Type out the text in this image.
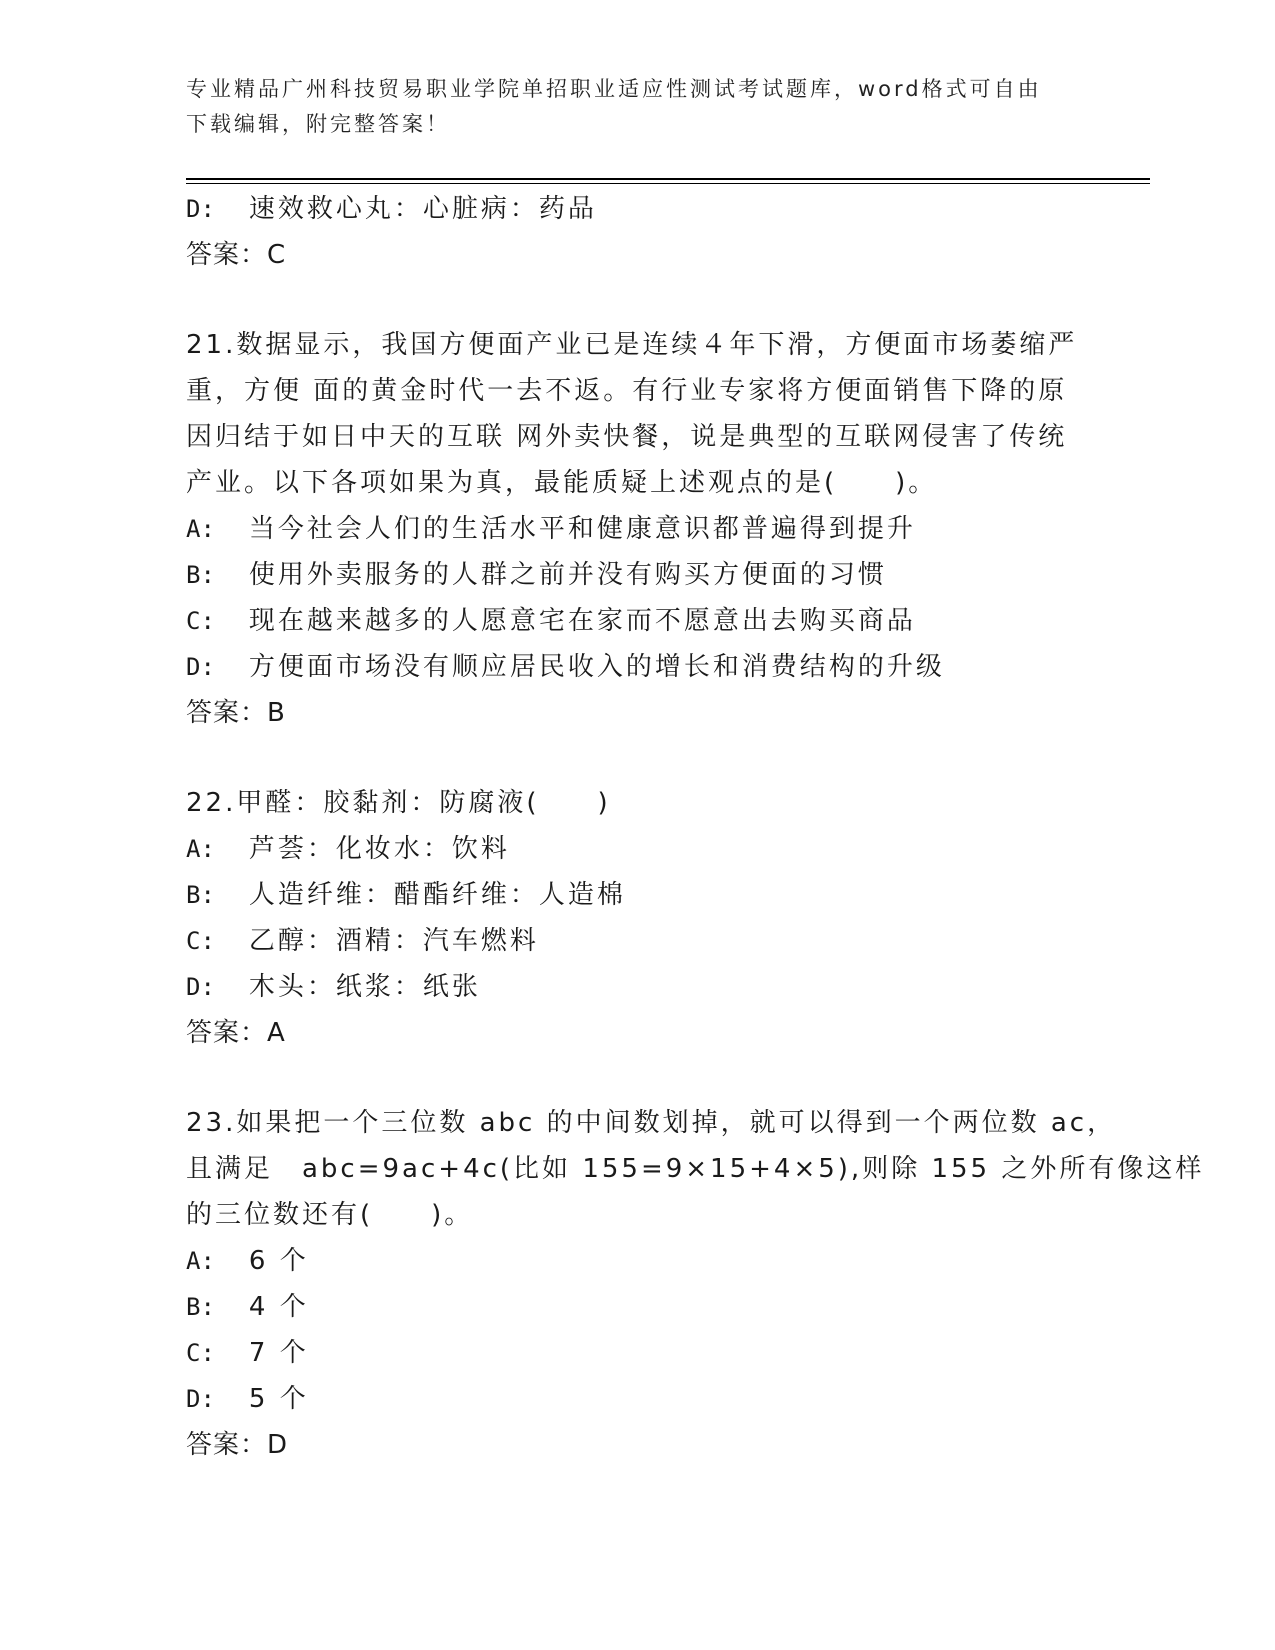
专业精品广州科技贸易职业学院单招职业适应性测试考试题库，word格式可自由

下载编辑，附完整答案！

D: 速效救心丸：心脏病：药品
答案：C
21.数据显示，我国方便面产业已是连续４年下滑，方便面市场萎缩严
重，方便 面的黄金时代一去不返。有行业专家将方便面销售下降的原
因归结于如日中天的互联 网外卖快餐，说是典型的互联网侵害了传统
产业。以下各项如果为真，最能质疑上述观点的是(　　)。
A: 当今社会人们的生活水平和健康意识都普遍得到提升
B: 使用外卖服务的人群之前并没有购买方便面的习惯
C: 现在越来越多的人愿意宅在家而不愿意出去购买商品
D: 方便面市场没有顺应居民收入的增长和消费结构的升级
答案：B
22.甲醛：胶黏剂：防腐液(　　)
A: 芦荟：化妆水：饮料
B: 人造纤维：醋酯纤维：人造棉
C: 乙醇：酒精：汽车燃料
D: 木头：纸浆：纸张
答案：A
23.如果把一个三位数 abc 的中间数划掉，就可以得到一个两位数 ac，
且满足　abc=9ac+4c(比如 155=9×15+4×5),则除 155 之外所有像这样
的三位数还有(　　)。
A: 6 个
B: 4 个
C: 7 个
D: 5 个
答案：D
